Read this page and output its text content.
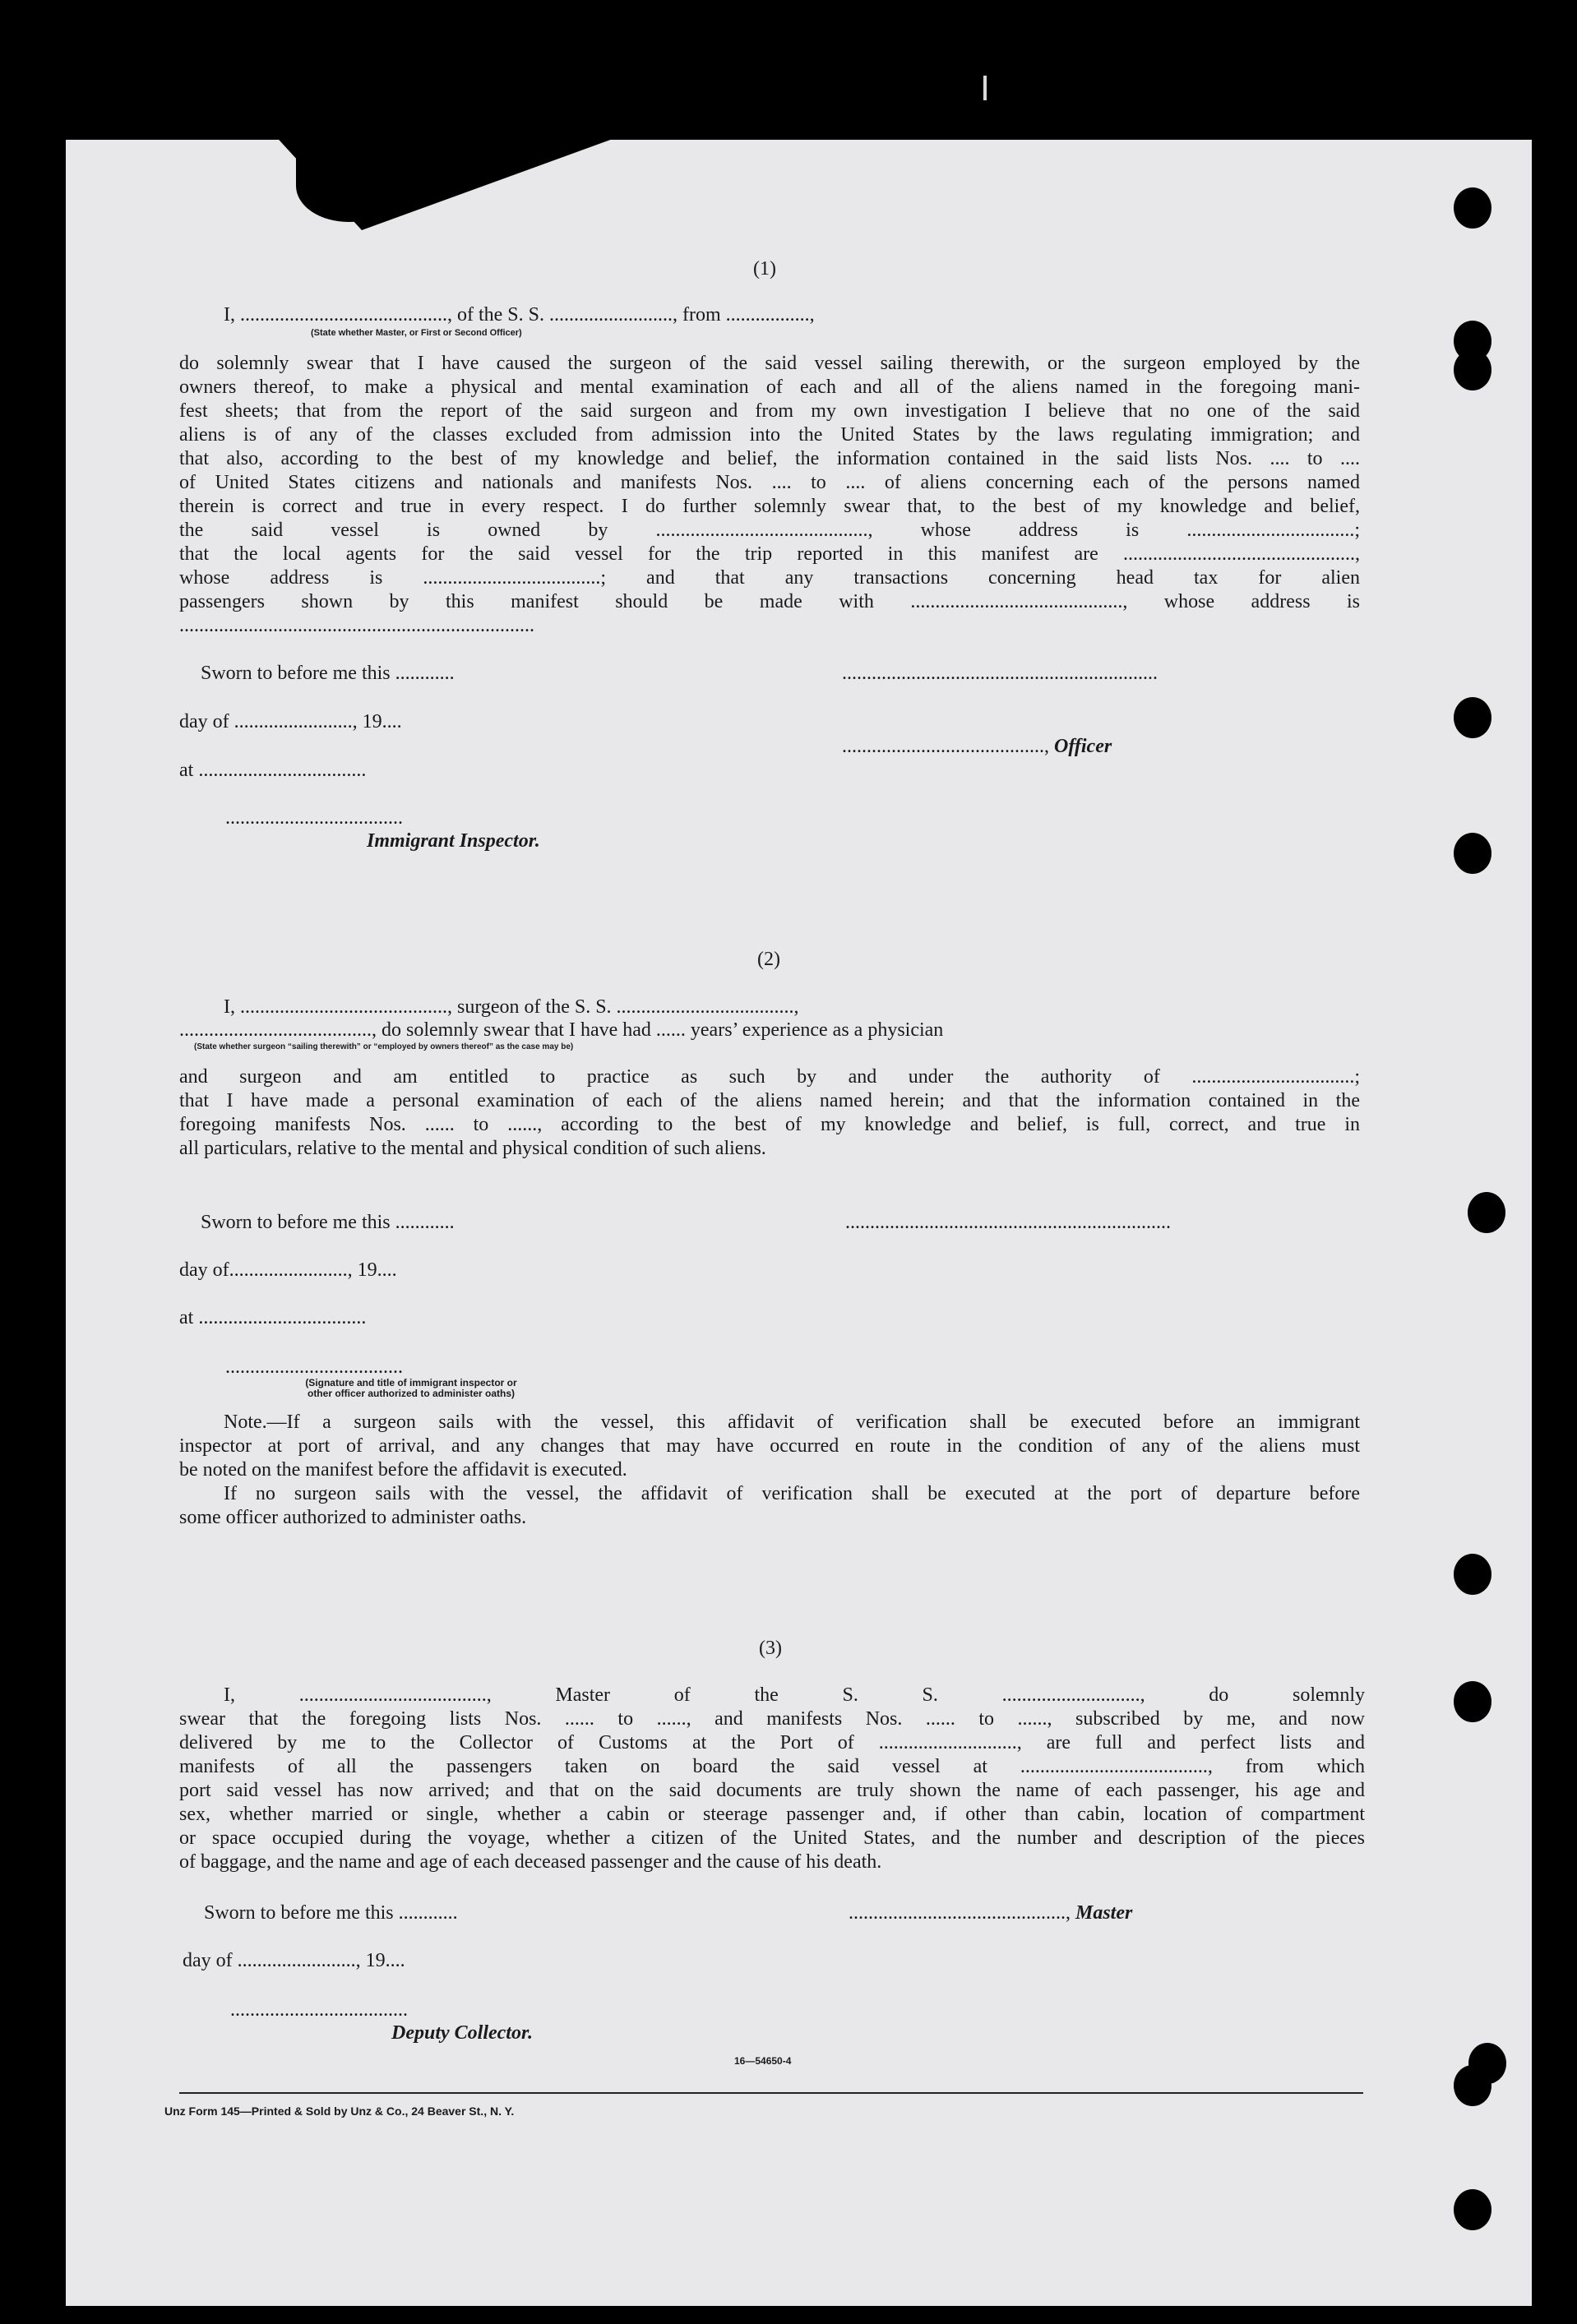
(1)
I, .........................................., of the S. S. ........................., from .................,
(State whether Master, or First or Second Officer)

do solemnly swear that I have caused the surgeon of the said vessel sailing therewith, or the surgeon employed by the

owners thereof, to make a physical and mental examination of each and all of the aliens named in the foregoing mani-

fest sheets; that from the report of the said surgeon and from my own investigation I believe that no one of the said

aliens is of any of the classes excluded from admission into the United States by the laws regulating immigration; and

that also, according to the best of my knowledge and belief, the information contained in the said lists Nos. .... to ....

of United States citizens and nationals and manifests Nos. .... to .... of aliens concerning each of the persons named

therein is correct and true in every respect. I do further solemnly swear that, to the best of my knowledge and belief,

the said vessel is owned by ..........................................., whose address is ..................................;

that the local agents for the said vessel for the trip reported in this manifest are ...............................................,

whose address is ....................................; and that any transactions concerning head tax for alien

passengers shown by this manifest should be made with ..........................................., whose address is

........................................................................

Sworn to before me this ............	................................................................
day of ........................, 19....
........................................., Officer
at ..................................
....................................
Immigrant Inspector.
(2)
I, .........................................., surgeon of the S. S. ....................................,
......................................., do solemnly swear that I have had ...... years’ experience as a physician
(State whether surgeon “sailing therewith” or “employed by owners thereof” as the case may be)

and surgeon and am entitled to practice as such by and under the authority of .................................;

that I have made a personal examination of each of the aliens named herein; and that the information contained in the

foregoing manifests Nos. ...... to ......, according to the best of my knowledge and belief, is full, correct, and true in

all particulars, relative to the mental and physical condition of such aliens.

Sworn to before me this ............	..................................................................
day of........................, 19....
at ..................................
....................................
(Signature and title of immigrant inspector or
other officer authorized to administer oaths)

Note.—If a surgeon sails with the vessel, this affidavit of verification shall be executed before an immigrant

inspector at port of arrival, and any changes that may have occurred en route in the condition of any of the aliens must

be noted on the manifest before the affidavit is executed.

If no surgeon sails with the vessel, the affidavit of verification shall be executed at the port of departure before

some officer authorized to administer oaths.

(3)

I, ......................................, Master of the S. S. ............................, do solemnly

swear that the foregoing lists Nos. ...... to ......, and manifests Nos. ...... to ......, subscribed by me, and now

delivered by me to the Collector of Customs at the Port of ............................, are full and perfect lists and

manifests of all the passengers taken on board the said vessel at ......................................, from which

port said vessel has now arrived; and that on the said documents are truly shown the name of each passenger, his age and

sex, whether married or single, whether a cabin or steerage passenger and, if other than cabin, location of compartment

or space occupied during the voyage, whether a citizen of the United States, and the number and description of the pieces

of baggage, and the name and age of each deceased passenger and the cause of his death.

Sworn to before me this ............	............................................, Master
day of ........................, 19....
....................................
Deputy Collector.
16—54650-4
Unz Form 145—Printed & Sold by Unz & Co., 24 Beaver St., N. Y.
